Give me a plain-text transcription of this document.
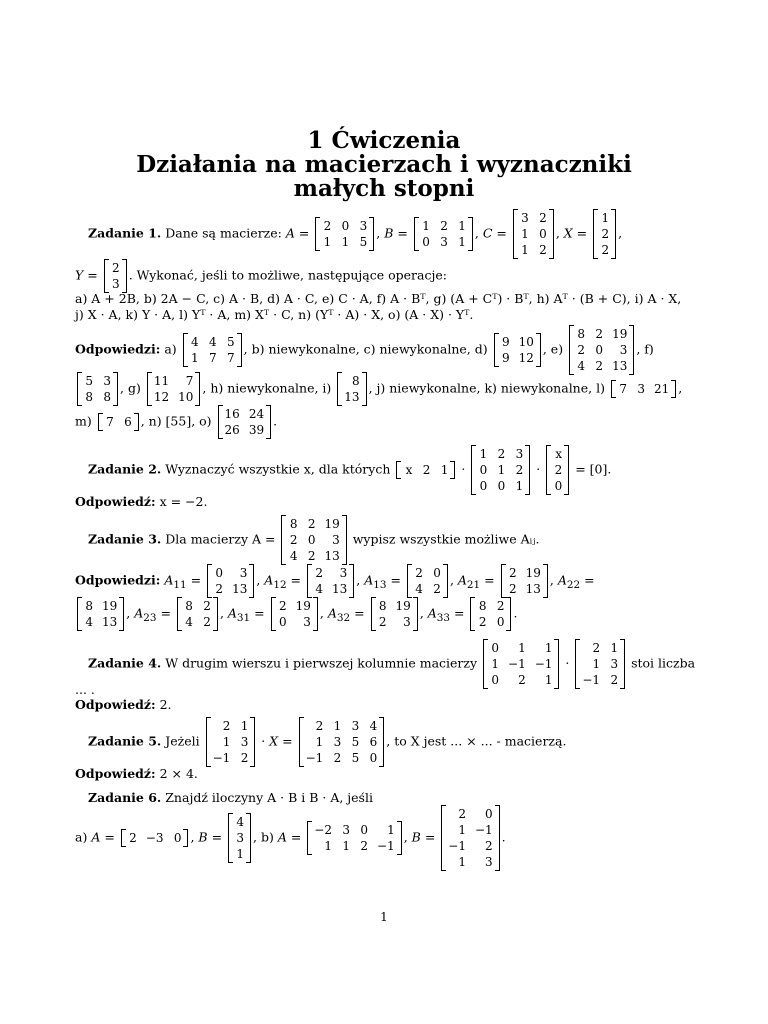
1 Ćwiczenia
Działania na macierzach i wyznaczniki
małych stopni
Zadanie 1. Dane są macierze: A = 2 0 3
1 1 5
, B = 1 2 1
0 3 1
, C =
3 2
1 0
1 2
, X =
1
2
2
,
Y = 2
3
. Wykonać, jeśli to możliwe, następujące operacje:
a) A + 2B, b) 2A − C, c) A · B, d) A · C, e) C · A, f) A · Bᵀ, g) (A + Cᵀ) · Bᵀ, h) Aᵀ · (B + C), i) A · X,
j) X · A, k) Y · A, l) Yᵀ · A, m) Xᵀ · C, n) (Yᵀ · A) · X, o) (A · X) · Yᵀ.
Odpowiedzi: a) 4 4 5
1 7 7
, b) niewykonalne, c) niewykonalne, d) 9 10
9 12
, e)
8 2 19
2 0	3
4 2 13
, f)
5 3
8 8
, g) 11	7
12 10
, h) niewykonalne, i)	8
13
, j) niewykonalne, k) niewykonalne, l) 7 3 21 ,
m) 7 6 , n) [55], o) 16 24
26 39
.
Zadanie 2. Wyznaczyć wszystkie x, dla których x 2 1 ·
1 2 3
0 1 2
0 0 1
·
x
2
0
= [0].
Odpowiedź: x = −2.
Zadanie 3. Dla macierzy A =
8 2 19
2 0	3
4 2 13
wypisz wszystkie możliwe Aᵢⱼ.
Odpowiedzi: $A_{11} = 0$	3
2 13
, $A_{12} = 2$	3
4 13
, $A_{13} = 2$ 0
4 2
, $A_{21} = 2$ 19
2 13
, $A_{22}$ =
8 19
4 13
, $A_{23} = 8$ 2
4 2
, $A_{31} = 2$ 19
0	3
, $A_{32} = 8$ 19
2	3
, $A_{33} = 8$ 2
2 0
.
Zadanie 4. W drugim wierszu i pierwszej kolumnie macierzy
0	1	1
1 −1 −1
0	2	1
·
2 1
1 3
−1 2
stoi liczba
... .
Odpowiedź: 2.
Zadanie 5. Jeżeli
2 1
1 3
−1 2
· X =
2 1 3 4
1 3 5 6
−1 2 5 0
, to X jest ... × ... - macierzą.
Odpowiedź: 2 × 4.
Zadanie 6. Znajdź iloczyny A · B i B · A, jeśli
a) A = 2 −3 0 , B =
4
3
1
, b) A = −2 3 0	1
1 1 2 −1
, B =
2	0
1 −1
−1	2
1	3
.
1
